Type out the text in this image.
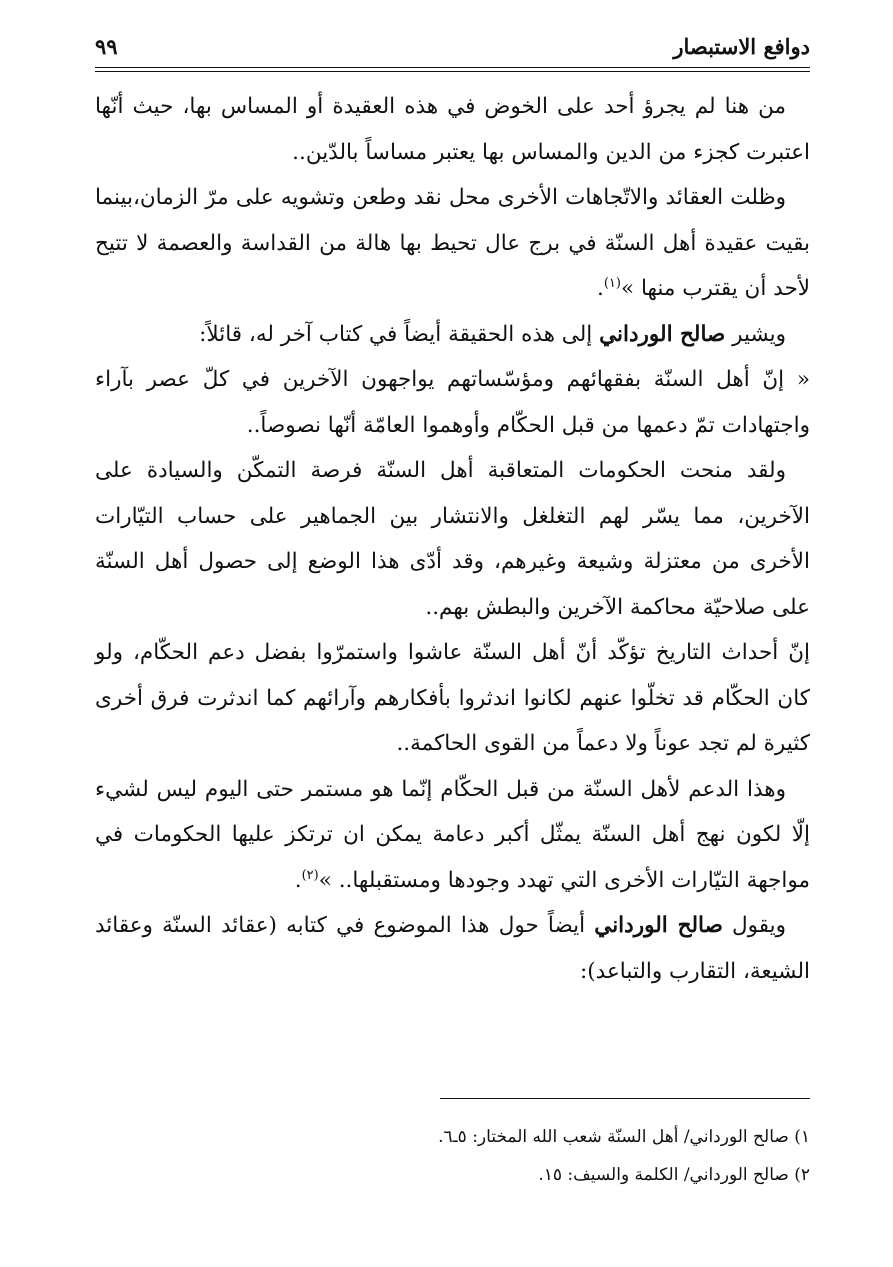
دوافع الاستبصار
٩٩

من هنا لم يجرؤ أحد على الخوض في هذه العقيدة أو المساس بها، حيث أنّها اعتبرت كجزء من الدين والمساس بها يعتبر مساساً بالدّين..

وظلت العقائد والاتّجاهات الأخرى محل نقد وطعن وتشويه على مرّ الزمان،بينما بقيت عقيدة أهل السنّة في برج عال تحيط بها هالة من القداسة والعصمة لا تتيح لأحد أن يقترب منها »$^{(١)}$.

ويشير صالح الورداني إلى هذه الحقيقة أيضاً في كتاب آخر له، قائلاً:

« إنّ أهل السنّة بفقهائهم ومؤسّساتهم يواجهون الآخرين في كلّ عصر بآراء واجتهادات تمّ دعمها من قبل الحكّام وأوهموا العامّة أنّها نصوصاً..

ولقد منحت الحكومات المتعاقبة أهل السنّة فرصة التمكّن والسيادة على الآخرين، مما يسّر لهم التغلغل والانتشار بين الجماهير على حساب التيّارات الأخرى من معتزلة وشيعة وغيرهم، وقد أدّى هذا الوضع إلى حصول أهل السنّة على صلاحيّة محاكمة الآخرين والبطش بهم..

إنّ أحداث التاريخ تؤكّد أنّ أهل السنّة عاشوا واستمرّوا بفضل دعم الحكّام، ولو كان الحكّام قد تخلّوا عنهم لكانوا اندثروا بأفكارهم وآرائهم كما اندثرت فرق أخرى كثيرة لم تجد عوناً ولا دعماً من القوى الحاكمة..

وهذا الدعم لأهل السنّة من قبل الحكّام إنّما هو مستمر حتى اليوم ليس لشيء إلّا لكون نهج أهل السنّة يمثّل أكبر دعامة يمكن ان ترتكز عليها الحكومات في مواجهة التيّارات الأخرى التي تهدد وجودها ومستقبلها.. »$^{(٢)}$.

ويقول صالح الورداني أيضاً حول هذا الموضوع في كتابه (عقائد السنّة وعقائد الشيعة، التقارب والتباعد):

١) صالح الورداني/ أهل السنّة شعب الله المختار: ٥ـ٦.

٢) صالح الورداني/ الكلمة والسيف: ١٥.
